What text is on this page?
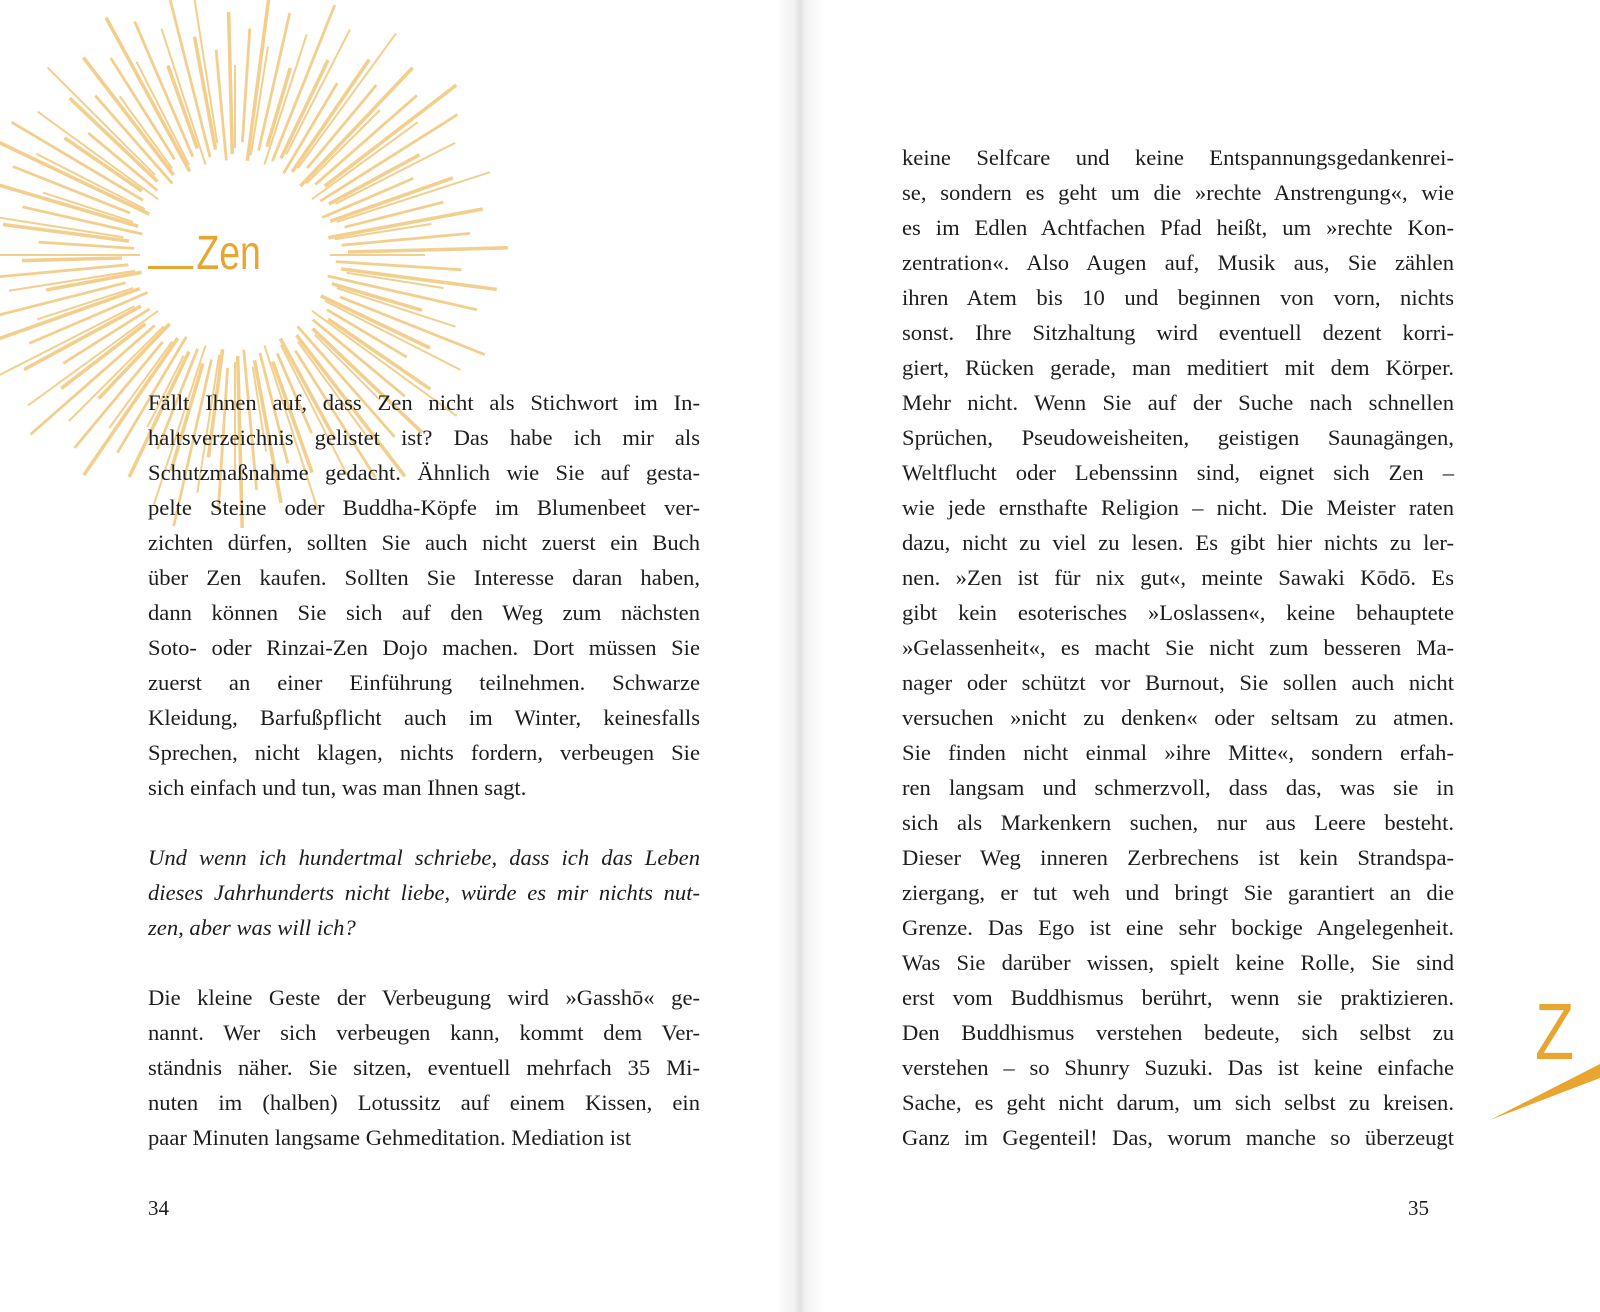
Zen
Fällt Ihnen auf, dass Zen nicht als Stichwort im In-
haltsverzeichnis gelistet ist? Das habe ich mir als
Schutzmaßnahme gedacht. Ähnlich wie Sie auf gesta-
pelte Steine oder Buddha-Köpfe im Blumenbeet ver-
zichten dürfen, sollten Sie auch nicht zuerst ein Buch
über Zen kaufen. Sollten Sie Interesse daran haben,
dann können Sie sich auf den Weg zum nächsten
Soto- oder Rinzai-Zen Dojo machen. Dort müssen Sie
zuerst an einer Einführung teilnehmen. Schwarze
Kleidung, Barfußpflicht auch im Winter, keinesfalls
Sprechen, nicht klagen, nichts fordern, verbeugen Sie
sich einfach und tun, was man Ihnen sagt.
Und wenn ich hundertmal schriebe, dass ich das Leben
dieses Jahrhunderts nicht liebe, würde es mir nichts nut-
zen, aber was will ich?
Die kleine Geste der Verbeugung wird »Gasshō« ge-
nannt. Wer sich verbeugen kann, kommt dem Ver-
ständnis näher. Sie sitzen, eventuell mehrfach 35 Mi-
nuten im (halben) Lotussitz auf einem Kissen, ein
paar Minuten langsame Gehmeditation. Mediation ist
34
keine Selfcare und keine Entspannungsgedankenrei-
se, sondern es geht um die »rechte Anstrengung«, wie
es im Edlen Achtfachen Pfad heißt, um »rechte Kon-
zentration«. Also Augen auf, Musik aus, Sie zählen
ihren Atem bis 10 und beginnen von vorn, nichts
sonst. Ihre Sitzhaltung wird eventuell dezent korri-
giert, Rücken gerade, man meditiert mit dem Körper.
Mehr nicht. Wenn Sie auf der Suche nach schnellen
Sprüchen, Pseudoweisheiten, geistigen Saunagängen,
Weltflucht oder Lebenssinn sind, eignet sich Zen –
wie jede ernsthafte Religion – nicht. Die Meister raten
dazu, nicht zu viel zu lesen. Es gibt hier nichts zu ler-
nen. »Zen ist für nix gut«, meinte Sawaki Kōdō. Es
gibt kein esoterisches »Loslassen«, keine behauptete
»Gelassenheit«, es macht Sie nicht zum besseren Ma-
nager oder schützt vor Burnout, Sie sollen auch nicht
versuchen »nicht zu denken« oder seltsam zu atmen.
Sie finden nicht einmal »ihre Mitte«, sondern erfah-
ren langsam und schmerzvoll, dass das, was sie in
sich als Markenkern suchen, nur aus Leere besteht.
Dieser Weg inneren Zerbrechens ist kein Strandspa-
ziergang, er tut weh und bringt Sie garantiert an die
Grenze. Das Ego ist eine sehr bockige Angelegenheit.
Was Sie darüber wissen, spielt keine Rolle, Sie sind
erst vom Buddhismus berührt, wenn sie praktizieren.
Den Buddhismus verstehen bedeute, sich selbst zu
verstehen – so Shunry Suzuki. Das ist keine einfache
Sache, es geht nicht darum, um sich selbst zu kreisen.
Ganz im Gegenteil! Das, worum manche so überzeugt
35
Z
